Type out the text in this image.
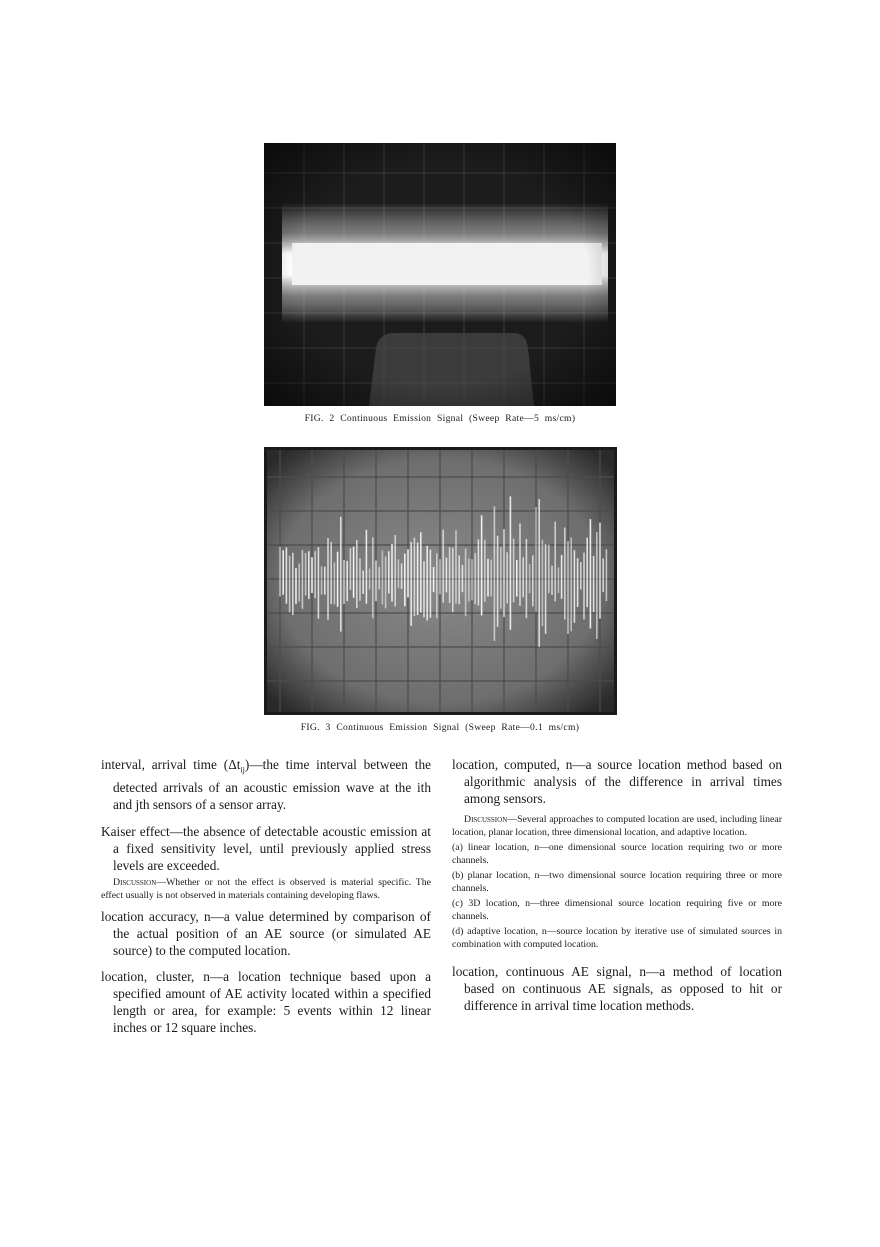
FIG. 2 Continuous Emission Signal (Sweep Rate—5 ms/cm)
FIG. 3 Continuous Emission Signal (Sweep Rate—0.1 ms/cm)

interval, arrival time $(\Delta t_{ij})—the$ time interval between the detected arrivals of an acoustic emission wave at the ith and jth sensors of a sensor array.

Kaiser effect—the absence of detectable acoustic emission at a fixed sensitivity level, until previously applied stress levels are exceeded.

Discussion—Whether or not the effect is observed is material specific. The effect usually is not observed in materials containing developing flaws.

location accuracy, n—a value determined by comparison of the actual position of an AE source (or simulated AE source) to the computed location.

location, cluster, n—a location technique based upon a specified amount of AE activity located within a specified length or area, for example: 5 events within 12 linear inches or 12 square inches.

location, computed, n—a source location method based on algorithmic analysis of the difference in arrival times among sensors.

Discussion—Several approaches to computed location are used, including linear location, planar location, three dimensional location, and adaptive location.

(a) linear location, n—one dimensional source location requiring two or more channels.

(b) planar location, n—two dimensional source location requiring three or more channels.

(c) 3D location, n—three dimensional source location requiring five or more channels.

(d) adaptive location, n—source location by iterative use of simulated sources in combination with computed location.

location, continuous AE signal, n—a method of location based on continuous AE signals, as opposed to hit or difference in arrival time location methods.
